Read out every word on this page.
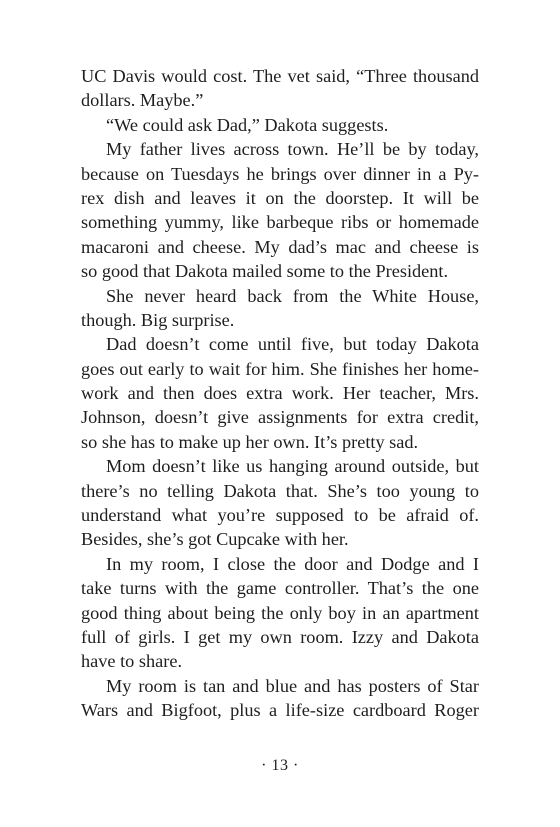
UC Davis would cost. The vet said, “Three thousand
dollars. Maybe.”
“We could ask Dad,” Dakota suggests.
My father lives across town. He’ll be by today,
because on Tuesdays he brings over dinner in a Py-
rex dish and leaves it on the doorstep. It will be
something yummy, like barbeque ribs or homemade
macaroni and cheese. My dad’s mac and cheese is
so good that Dakota mailed some to the President.
She never heard back from the White House,
though. Big surprise.
Dad doesn’t come until five, but today Dakota
goes out early to wait for him. She finishes her home-
work and then does extra work. Her teacher, Mrs.
Johnson, doesn’t give assignments for extra credit,
so she has to make up her own. It’s pretty sad.
Mom doesn’t like us hanging around outside, but
there’s no telling Dakota that. She’s too young to
understand what you’re supposed to be afraid of.
Besides, she’s got Cupcake with her.
In my room, I close the door and Dodge and I
take turns with the game controller. That’s the one
good thing about being the only boy in an apartment
full of girls. I get my own room. Izzy and Dakota
have to share.
My room is tan and blue and has posters of Star
Wars and Bigfoot, plus a life-size cardboard Roger
· 13 ·
